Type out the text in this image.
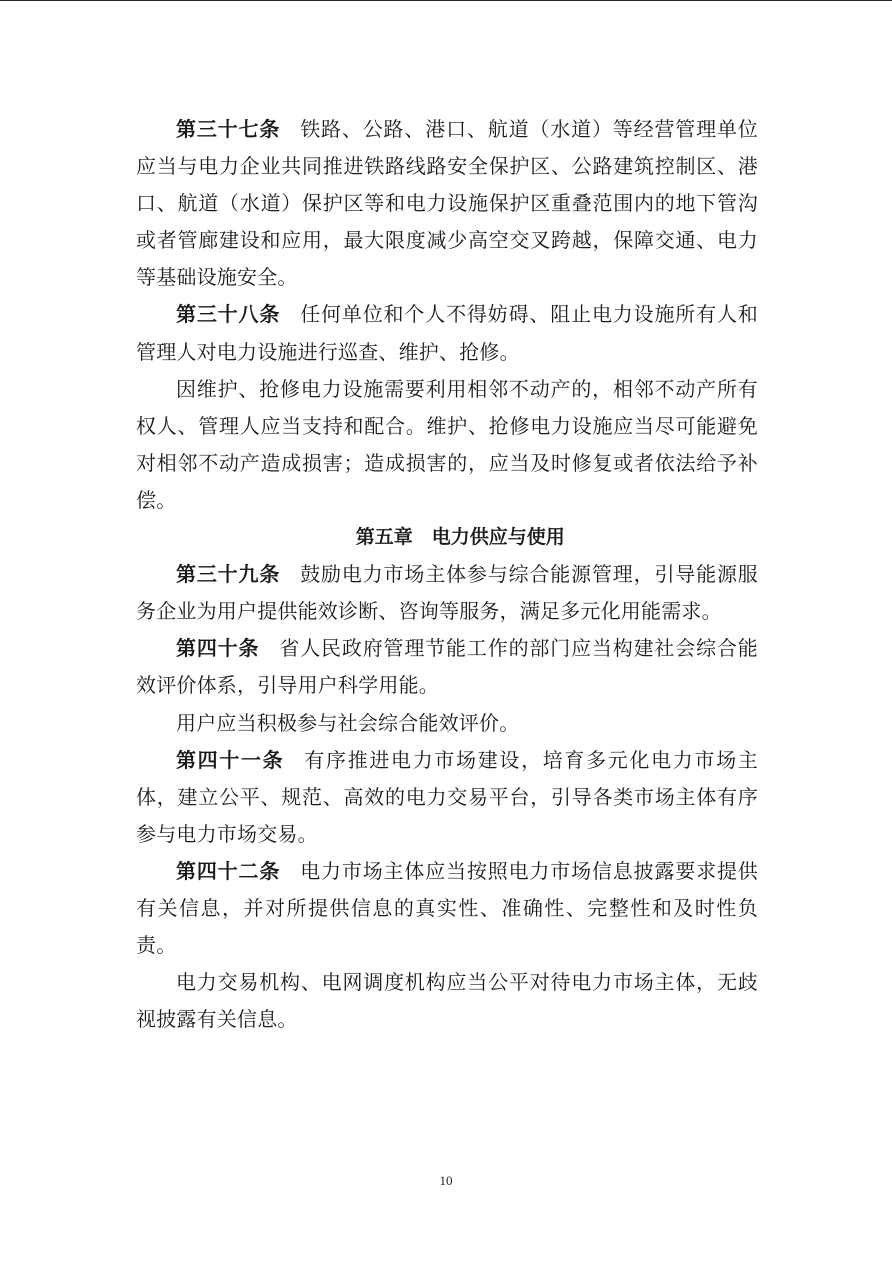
第三十七条 铁路、公路、港口、航道（水道）等经营管理单位应当与电力企业共同推进铁路线路安全保护区、公路建筑控制区、港口、航道（水道）保护区等和电力设施保护区重叠范围内的地下管沟或者管廊建设和应用，最大限度减少高空交叉跨越，保障交通、电力等基础设施安全。

第三十八条 任何单位和个人不得妨碍、阻止电力设施所有人和管理人对电力设施进行巡查、维护、抢修。

因维护、抢修电力设施需要利用相邻不动产的，相邻不动产所有权人、管理人应当支持和配合。维护、抢修电力设施应当尽可能避免对相邻不动产造成损害；造成损害的，应当及时修复或者依法给予补偿。

第五章　电力供应与使用

第三十九条 鼓励电力市场主体参与综合能源管理，引导能源服务企业为用户提供能效诊断、咨询等服务，满足多元化用能需求。

第四十条 省人民政府管理节能工作的部门应当构建社会综合能效评价体系，引导用户科学用能。

用户应当积极参与社会综合能效评价。

第四十一条 有序推进电力市场建设，培育多元化电力市场主体，建立公平、规范、高效的电力交易平台，引导各类市场主体有序参与电力市场交易。

第四十二条 电力市场主体应当按照电力市场信息披露要求提供有关信息，并对所提供信息的真实性、准确性、完整性和及时性负责。

电力交易机构、电网调度机构应当公平对待电力市场主体，无歧视披露有关信息。

10
